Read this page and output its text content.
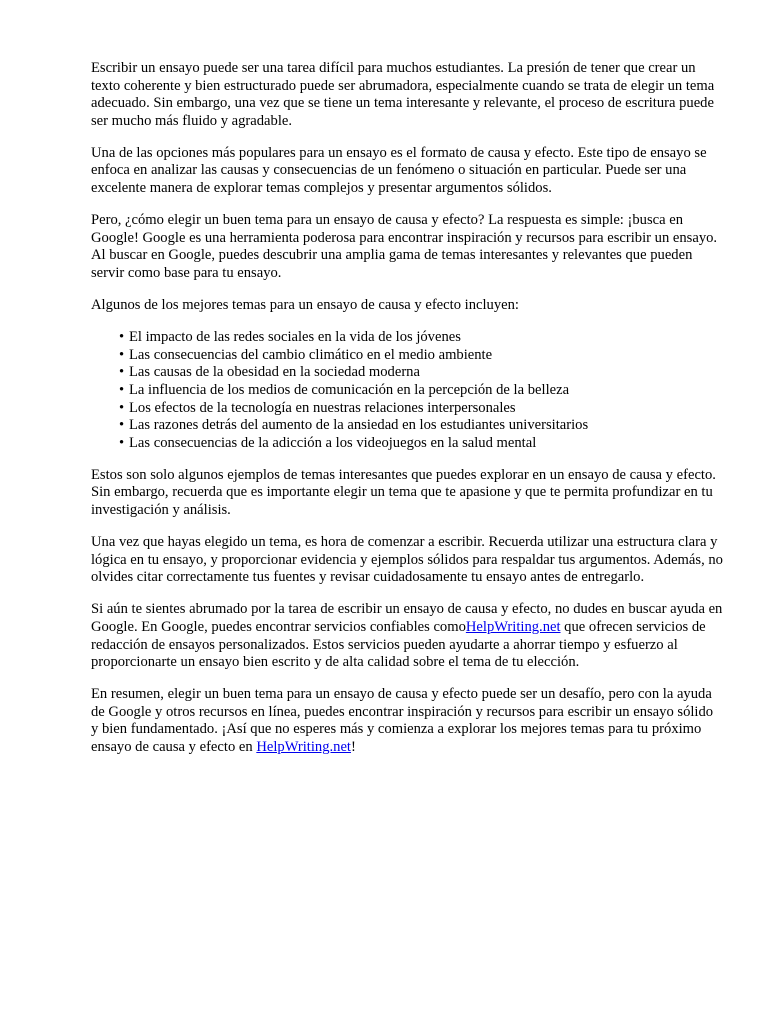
Escribir un ensayo puede ser una tarea difícil para muchos estudiantes. La presión de tener que crear un texto coherente y bien estructurado puede ser abrumadora, especialmente cuando se trata de elegir un tema adecuado. Sin embargo, una vez que se tiene un tema interesante y relevante, el proceso de escritura puede ser mucho más fluido y agradable.

Una de las opciones más populares para un ensayo es el formato de causa y efecto. Este tipo de ensayo se enfoca en analizar las causas y consecuencias de un fenómeno o situación en particular. Puede ser una excelente manera de explorar temas complejos y presentar argumentos sólidos.

Pero, ¿cómo elegir un buen tema para un ensayo de causa y efecto? La respuesta es simple: ¡busca en Google! Google es una herramienta poderosa para encontrar inspiración y recursos para escribir un ensayo. Al buscar en Google, puedes descubrir una amplia gama de temas interesantes y relevantes que pueden servir como base para tu ensayo.

Algunos de los mejores temas para un ensayo de causa y efecto incluyen:

• El impacto de las redes sociales en la vida de los jóvenes
• Las consecuencias del cambio climático en el medio ambiente
• Las causas de la obesidad en la sociedad moderna
• La influencia de los medios de comunicación en la percepción de la belleza
• Los efectos de la tecnología en nuestras relaciones interpersonales
• Las razones detrás del aumento de la ansiedad en los estudiantes universitarios
• Las consecuencias de la adicción a los videojuegos en la salud mental

Estos son solo algunos ejemplos de temas interesantes que puedes explorar en un ensayo de causa y efecto. Sin embargo, recuerda que es importante elegir un tema que te apasione y que te permita profundizar en tu investigación y análisis.

Una vez que hayas elegido un tema, es hora de comenzar a escribir. Recuerda utilizar una estructura clara y lógica en tu ensayo, y proporcionar evidencia y ejemplos sólidos para respaldar tus argumentos. Además, no olvides citar correctamente tus fuentes y revisar cuidadosamente tu ensayo antes de entregarlo.

Si aún te sientes abrumado por la tarea de escribir un ensayo de causa y efecto, no dudes en buscar ayuda en Google. En Google, puedes encontrar servicios confiables comoHelpWriting.net que ofrecen servicios de redacción de ensayos personalizados. Estos servicios pueden ayudarte a ahorrar tiempo y esfuerzo al proporcionarte un ensayo bien escrito y de alta calidad sobre el tema de tu elección.

En resumen, elegir un buen tema para un ensayo de causa y efecto puede ser un desafío, pero con la ayuda de Google y otros recursos en línea, puedes encontrar inspiración y recursos para escribir un ensayo sólido y bien fundamentado. ¡Así que no esperes más y comienza a explorar los mejores temas para tu próximo ensayo de causa y efecto en HelpWriting.net!
